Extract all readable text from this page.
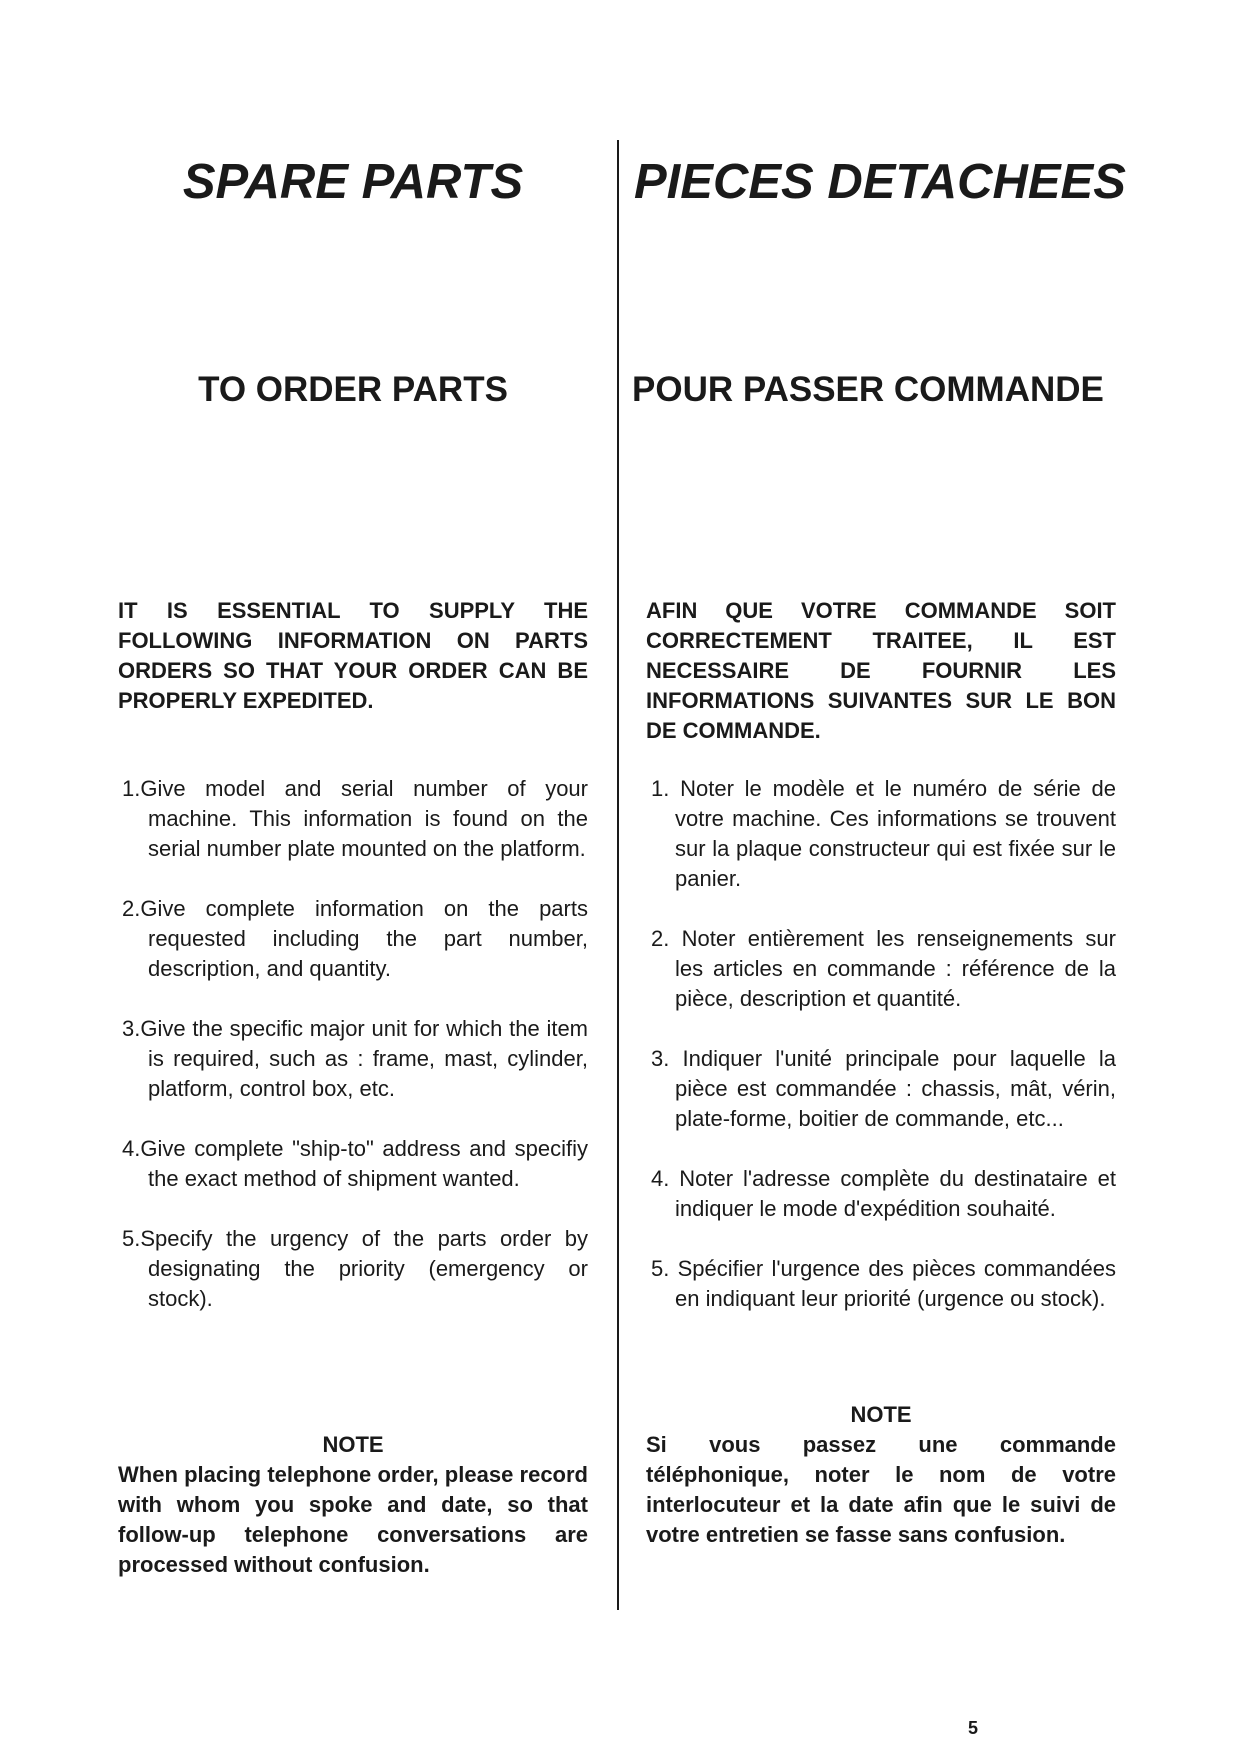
SPARE PARTS
TO ORDER PARTS

IT IS ESSENTIAL TO SUPPLY THE FOLLOWING INFORMATION ON PARTS ORDERS SO THAT YOUR ORDER CAN BE PROPERLY EXPEDITED.

1.Give model and serial number of your machine. This information is found on the serial number plate mounted on the platform.
2.Give complete information on the parts requested including the part number, description, and quantity.
3.Give the specific major unit for which the item is required, such as : frame, mast, cylinder, platform, control box, etc.
4.Give complete "ship-to" address and specifiy the exact method of shipment wanted.
5.Specify the urgency of the parts order by designating the priority (emergency or stock).
NOTE
When placing telephone order, please record with whom you spoke and date, so that follow-up telephone conversations are processed without confusion.
PIECES DETACHEES
POUR PASSER COMMANDE

AFIN QUE VOTRE COMMANDE SOIT CORRECTEMENT TRAITEE, IL EST NECESSAIRE DE FOURNIR LES INFORMATIONS SUIVANTES SUR LE BON DE COMMANDE.

1. Noter le modèle et le numéro de série de votre machine. Ces informations se trouvent sur la plaque constructeur qui est fixée sur le panier.
2. Noter entièrement les renseignements sur les articles en commande : référence de la pièce, description et quantité.
3. Indiquer l'unité principale pour laquelle la pièce est commandée : chassis, mât, vérin, plate-forme, boitier de commande, etc...
4. Noter l'adresse complète du destinataire et indiquer le mode d'expédition souhaité.
5. Spécifier l'urgence des pièces commandées en indiquant leur priorité (urgence ou stock).
NOTE
Si vous passez une commande téléphonique, noter le nom de votre interlocuteur et la date afin que le suivi de votre entretien se fasse sans confusion.
5
